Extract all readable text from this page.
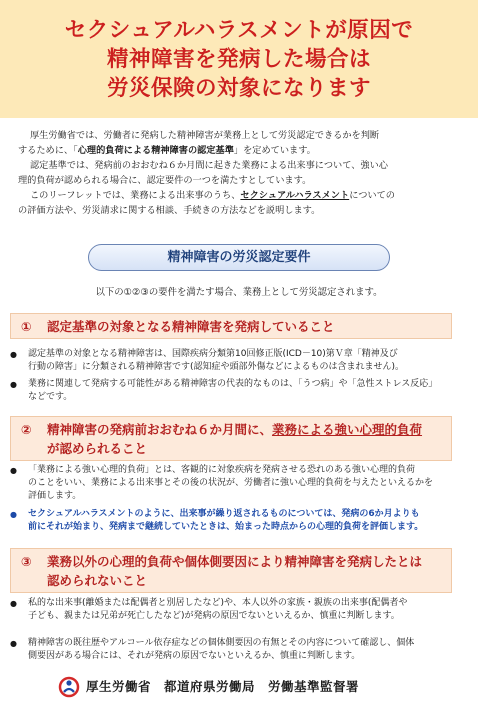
セクシュアルハラスメントが原因で
精神障害を発病した場合は
労災保険の対象になります
厚生労働省では、労働者に発病した精神障害が業務上として労災認定できるかを判断
するために、「心理的負荷による精神障害の認定基準」を定めています。
認定基準では、発病前のおおむね６か月間に起きた業務による出来事について、強い心
理的負荷が認められる場合に、認定要件の一つを満たすとしています。
このリーフレットでは、業務による出来事のうち、セクシュアルハラスメントについての
の評価方法や、労災請求に関する相談、手続きの方法などを説明します。
精神障害の労災認定要件
以下の①②③の要件を満たす場合、業務上として労災認定されます。
① 認定基準の対象となる精神障害を発病していること
●	認定基準の対象となる精神障害は、国際疾病分類第10回修正版(ICD－10)第Ｖ章「精神及び
行動の障害」に分類される精神障害です(認知症や頭部外傷などによるものは含まれません)。
●	業務に関連して発病する可能性がある精神障害の代表的なものは、「うつ病」や「急性ストレス反応」
などです。
② 精神障害の発病前おおむね６か月間に、業務による強い心理的負荷
が認められること
●	「業務による強い心理的負荷」とは、客観的に対象疾病を発病させる恐れのある強い心理的負荷
のことをいい、業務による出来事とその後の状況が、労働者に強い心理的負荷を与えたといえるかを
評価します。
●	セクシュアルハラスメントのように、出来事が繰り返されるものについては、発病の6か月よりも
前にそれが始まり、発病まで継続していたときは、始まった時点からの心理的負荷を評価します。
③ 業務以外の心理的負荷や個体側要因により精神障害を発病したとは
認められないこと
●	私的な出来事(離婚または配偶者と別居したなど)や、本人以外の家族・親族の出来事(配偶者や
子ども、親または兄弟が死亡したなど)が発病の原因でないといえるか、慎重に判断します。
●	精神障害の既往歴やアルコール依存症などの個体側要因の有無とその内容について確認し、個体
側要因がある場合には、それが発病の原因でないといえるか、慎重に判断します。
厚生労働省　都道府県労働局　労働基準監督署
